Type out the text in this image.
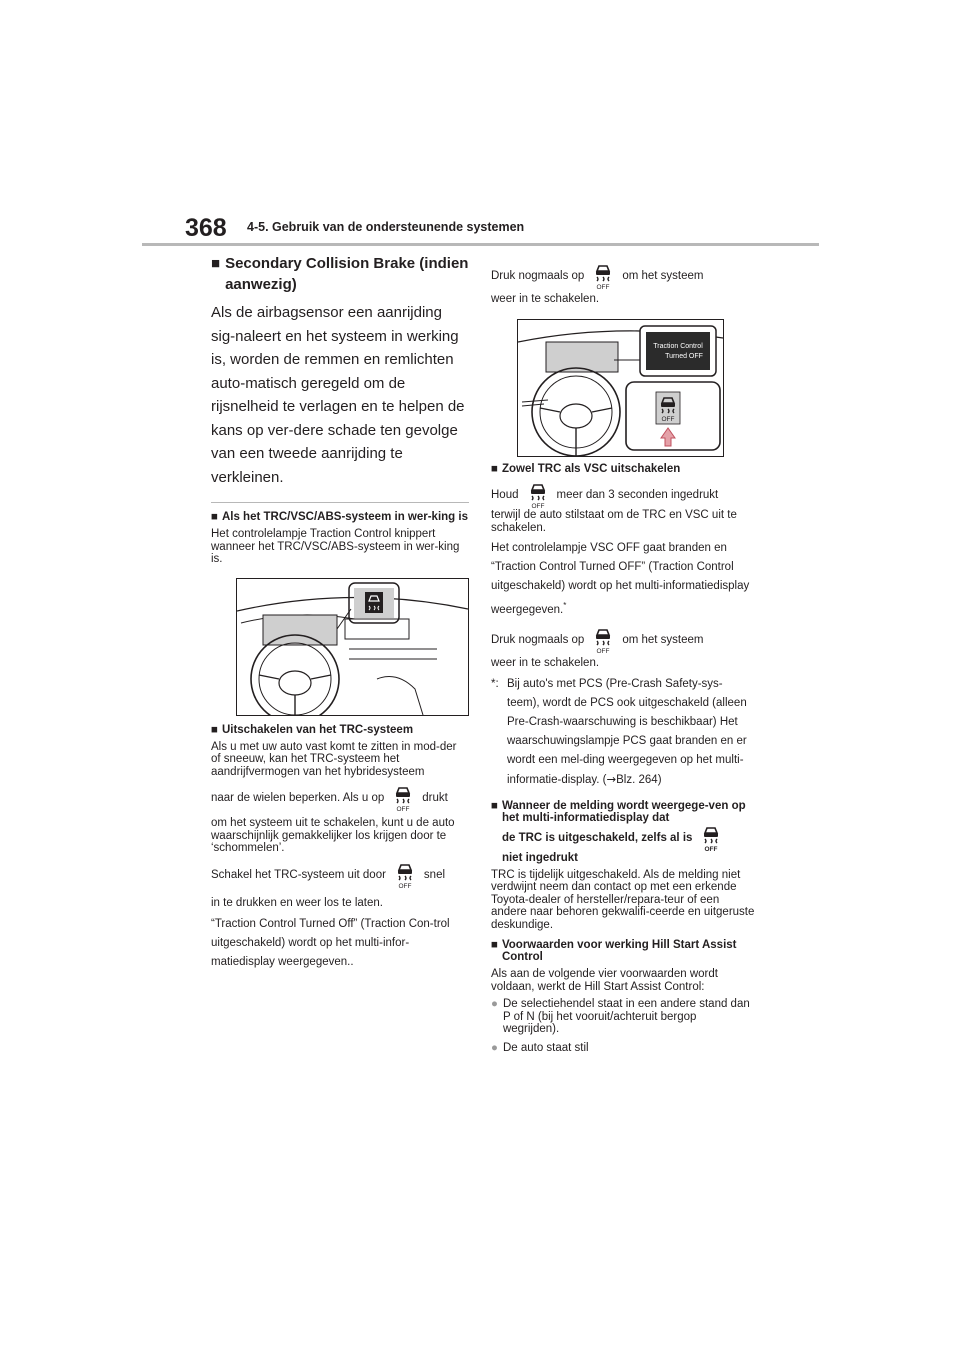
368 4-5. Gebruik van de ondersteunende systemen
■ Secondary Collision Brake (indien aanwezig)

Als de airbagsensor een aanrijding sig-naleert en het systeem in werking is, worden de remmen en remlichten auto-matisch geregeld om de rijsnelheid te verlagen en te helpen de kans op ver-dere schade ten gevolge van een tweede aanrijding te verkleinen.

■ Als het TRC/VSC/ABS-systeem in wer-king is

Het controlelampje Traction Control knippert wanneer het TRC/VSC/ABS-systeem in wer-king is.

■ Uitschakelen van het TRC-systeem

Als u met uw auto vast komt te zitten in mod-der of sneeuw, kan het TRC-systeem het aandrijfvermogen van het hybridesysteem

naar de wielen beperken. Als u op	drukt

om het systeem uit te schakelen, kunt u de auto waarschijnlijk gemakkelijker los krijgen door te ‘schommelen’.

Schakel het TRC-systeem uit door	snel

in te drukken en weer los te laten.

“Traction Control Turned Off” (Traction Con-trol uitgeschakeld) wordt op het multi-infor-matiedisplay weergegeven..

Druk nogmaals op	om het systeem

weer in te schakelen.

Traction Control
Turned OFF
■ Zowel TRC als VSC uitschakelen

Houd	meer dan 3 seconden ingedrukt

terwijl de auto stilstaat om de TRC en VSC uit te schakelen.

Het controlelampje VSC OFF gaat branden en “Traction Control Turned OFF” (Traction Control uitgeschakeld) wordt op het multi-informatiedisplay weergegeven.*

Druk nogmaals op	om het systeem

weer in te schakelen.

*: Bij auto's met PCS (Pre-Crash Safety-sys-teem), wordt de PCS ook uitgeschakeld (alleen Pre-Crash-waarschuwing is beschikbaar) Het waarschuwingslampje PCS gaat branden en er wordt een mel-ding weergegeven op het multi-informatie-display. (→Blz. 264)
■ Wanneer de melding wordt weergege-ven op het multi-informatiedisplay dat
de TRC is uitgeschakeld, zelfs al is
niet ingedrukt

TRC is tijdelijk uitgeschakeld. Als de melding niet verdwijnt neem dan contact op met een erkende Toyota-dealer of hersteller/repara-teur of een andere naar behoren gekwalifi-ceerde en uitgeruste deskundige.

■ Voorwaarden voor werking Hill Start Assist Control

Als aan de volgende vier voorwaarden wordt voldaan, werkt de Hill Start Assist Control:

● De selectiehendel staat in een andere stand dan P of N (bij het vooruit/achteruit bergop wegrijden).
● De auto staat stil
